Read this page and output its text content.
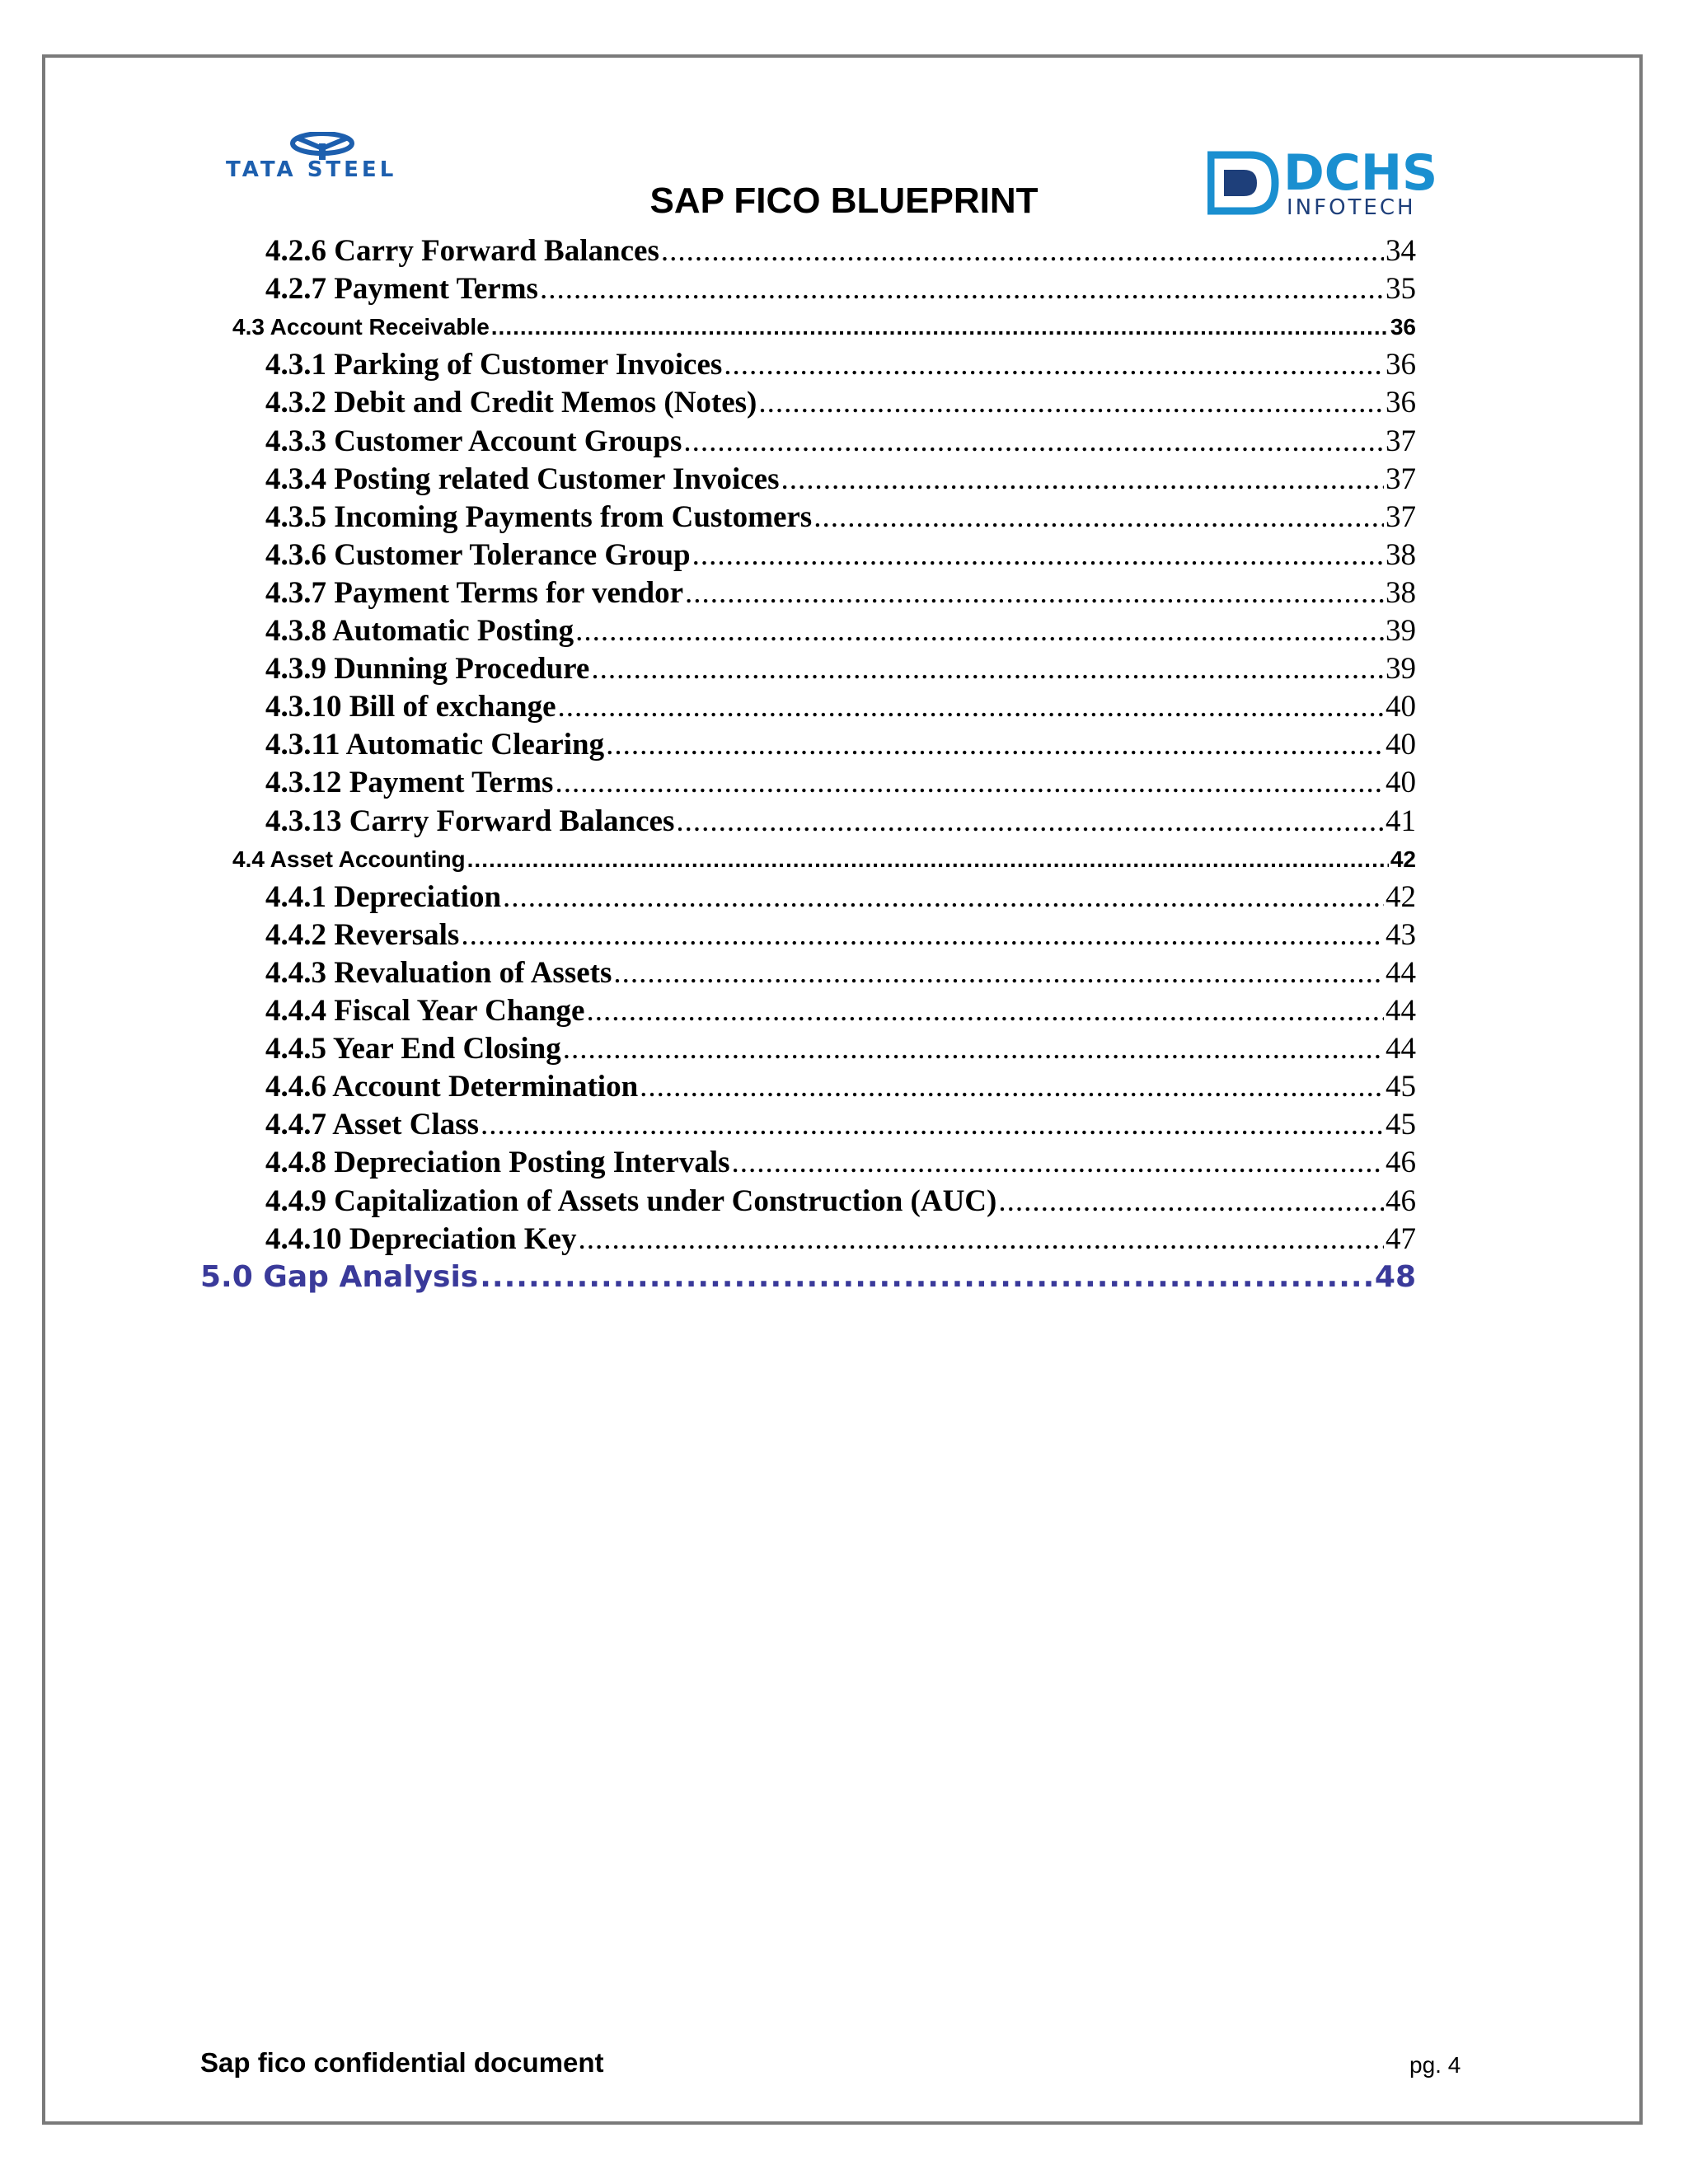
TATA STEEL	DCHS
INFOTECH
SAP FICO BLUEPRINT
4.2.6 Carry Forward Balances .....	34
4.2.7 Payment Terms .....	35
4.3 Account Receivable .....	36
4.3.1 Parking of Customer Invoices .....	36
4.3.2 Debit and Credit Memos (Notes) .....	36
4.3.3 Customer Account Groups .....	37
4.3.4 Posting related Customer Invoices .....	37
4.3.5 Incoming Payments from Customers .....	37
4.3.6 Customer Tolerance Group .....	38
4.3.7 Payment Terms for vendor .....	38
4.3.8 Automatic Posting .....	39
4.3.9 Dunning Procedure .....	39
4.3.10 Bill of exchange .....	40
4.3.11 Automatic Clearing .....	40
4.3.12 Payment Terms .....	40
4.3.13 Carry Forward Balances .....	41
4.4 Asset Accounting .....	42
4.4.1 Depreciation .....	42
4.4.2 Reversals .....	43
4.4.3 Revaluation of Assets .....	44
4.4.4 Fiscal Year Change .....	44
4.4.5 Year End Closing .....	44
4.4.6 Account Determination .....	45
4.4.7 Asset Class .....	45
4.4.8 Depreciation Posting Intervals .....	46
4.4.9 Capitalization of Assets under Construction (AUC) .....	46
4.4.10 Depreciation Key .....	47
5.0 Gap Analysis .....	48
Sap fico confidential document	pg. 4
